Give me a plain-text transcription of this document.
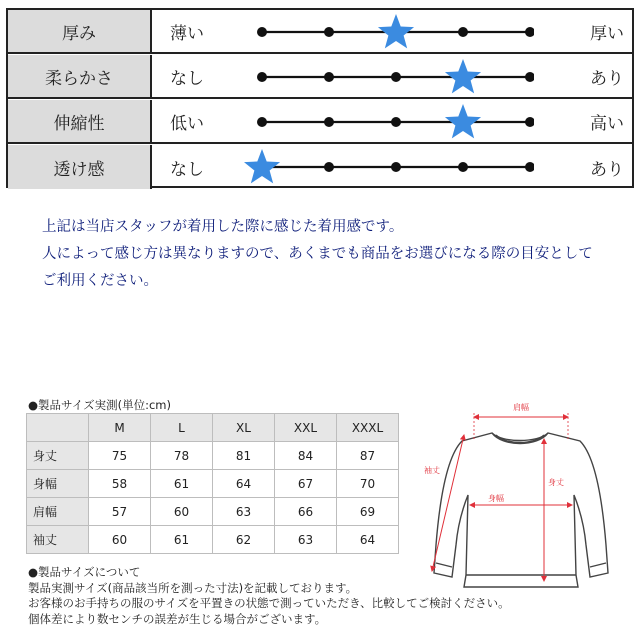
厚み	薄い	厚い
柔らかさ	なし	あり
伸縮性	低い	高い
透け感	なし	あり
上記は当店スタッフが着用した際に感じた着用感です。
人によって感じ方は異なりますので、あくまでも商品をお選びになる際の目安として
ご利用ください。
●製品サイズ実測(単位:cm)
	M	L	XL	XXL	XXXL
身丈	75	78	81	84	87
身幅	58	61	64	67	70
肩幅	57	60	63	66	69
袖丈	60	61	62	63	64
●製品サイズについて
製品実測サイズ(商品該当所を測った寸法)を記載しております。
お客様のお手持ちの服のサイズを平置きの状態で測っていただき、比較してご検討ください。
個体差により数センチの誤差が生じる場合がございます。
肩幅
身幅
身丈
袖丈
